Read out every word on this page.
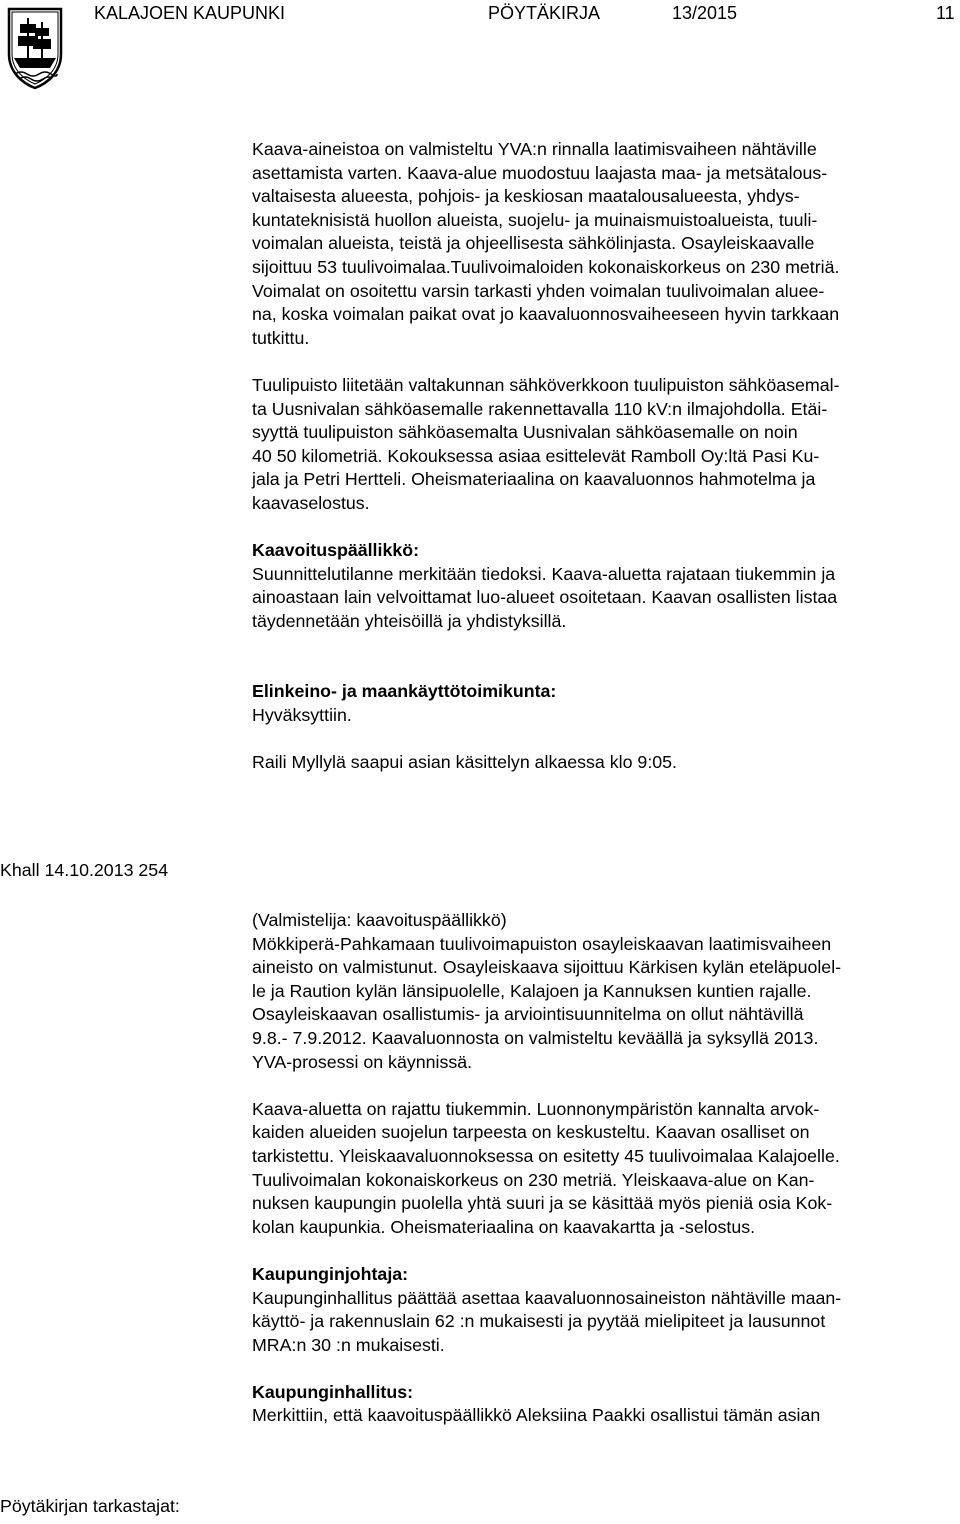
KALAJOEN KAUPUNKI	PÖYTÄKIRJA	13/2015	11
Kaava-aineistoa on valmisteltu YVA:n rinnalla laatimisvaiheen nähtäville
asettamista varten. Kaava-alue muodostuu laajasta maa- ja metsätalous-
valtaisesta alueesta, pohjois- ja keskiosan maatalousalueesta, yhdys-
kuntateknisistä huollon alueista, suojelu- ja muinaismuistoalueista, tuuli-
voimalan alueista, teistä ja ohjeellisesta sähkölinjasta. Osayleiskaavalle
sijoittuu 53 tuulivoimalaa.Tuulivoimaloiden kokonaiskorkeus on 230 metriä.
Voimalat on osoitettu varsin tarkasti yhden voimalan tuulivoimalan aluee-
na, koska voimalan paikat ovat jo kaavaluonnosvaiheeseen hyvin tarkkaan
tutkittu.
Tuulipuisto liitetään valtakunnan sähköverkkoon tuulipuiston sähköasemal-
ta Uusnivalan sähköasemalle rakennettavalla 110 kV:n ilmajohdolla. Etäi-
syyttä tuulipuiston sähköasemalta Uusnivalan sähköasemalle on noin
40 50 kilometriä. Kokouksessa asiaa esittelevät Ramboll Oy:ltä Pasi Ku-
jala ja Petri Hertteli. Oheismateriaalina on kaavaluonnos hahmotelma ja
kaavaselostus.
Kaavoituspäällikkö:
Suunnittelutilanne merkitään tiedoksi. Kaava-aluetta rajataan tiukemmin ja
ainoastaan lain velvoittamat luo-alueet osoitetaan. Kaavan osallisten listaa
täydennetään yhteisöillä ja yhdistyksillä.
Elinkeino- ja maankäyttötoimikunta:
Hyväksyttiin.
Raili Myllylä saapui asian käsittelyn alkaessa klo 9:05.
Khall 14.10.2013 254
(Valmistelija: kaavoituspäällikkö)
Mökkiperä-Pahkamaan tuulivoimapuiston osayleiskaavan laatimisvaiheen
aineisto on valmistunut. Osayleiskaava sijoittuu Kärkisen kylän eteläpuolel-
le ja Raution kylän länsipuolelle, Kalajoen ja Kannuksen kuntien rajalle.
Osayleiskaavan osallistumis- ja arviointisuunnitelma on ollut nähtävillä
9.8.- 7.9.2012. Kaavaluonnosta on valmisteltu keväällä ja syksyllä 2013.
YVA-prosessi on käynnissä.
Kaava-aluetta on rajattu tiukemmin. Luonnonympäristön kannalta arvok-
kaiden alueiden suojelun tarpeesta on keskusteltu. Kaavan osalliset on
tarkistettu. Yleiskaavaluonnoksessa on esitetty 45 tuulivoimalaa Kalajoelle.
Tuulivoimalan kokonaiskorkeus on 230 metriä. Yleiskaava-alue on Kan-
nuksen kaupungin puolella yhtä suuri ja se käsittää myös pieniä osia Kok-
kolan kaupunkia. Oheismateriaalina on kaavakartta ja -selostus.
Kaupunginjohtaja:
Kaupunginhallitus päättää asettaa kaavaluonnosaineiston nähtäville maan-
käyttö- ja rakennuslain 62 :n mukaisesti ja pyytää mielipiteet ja lausunnot
MRA:n 30 :n mukaisesti.
Kaupunginhallitus:
Merkittiin, että kaavoituspäällikkö Aleksiina Paakki osallistui tämän asian
Pöytäkirjan tarkastajat:
